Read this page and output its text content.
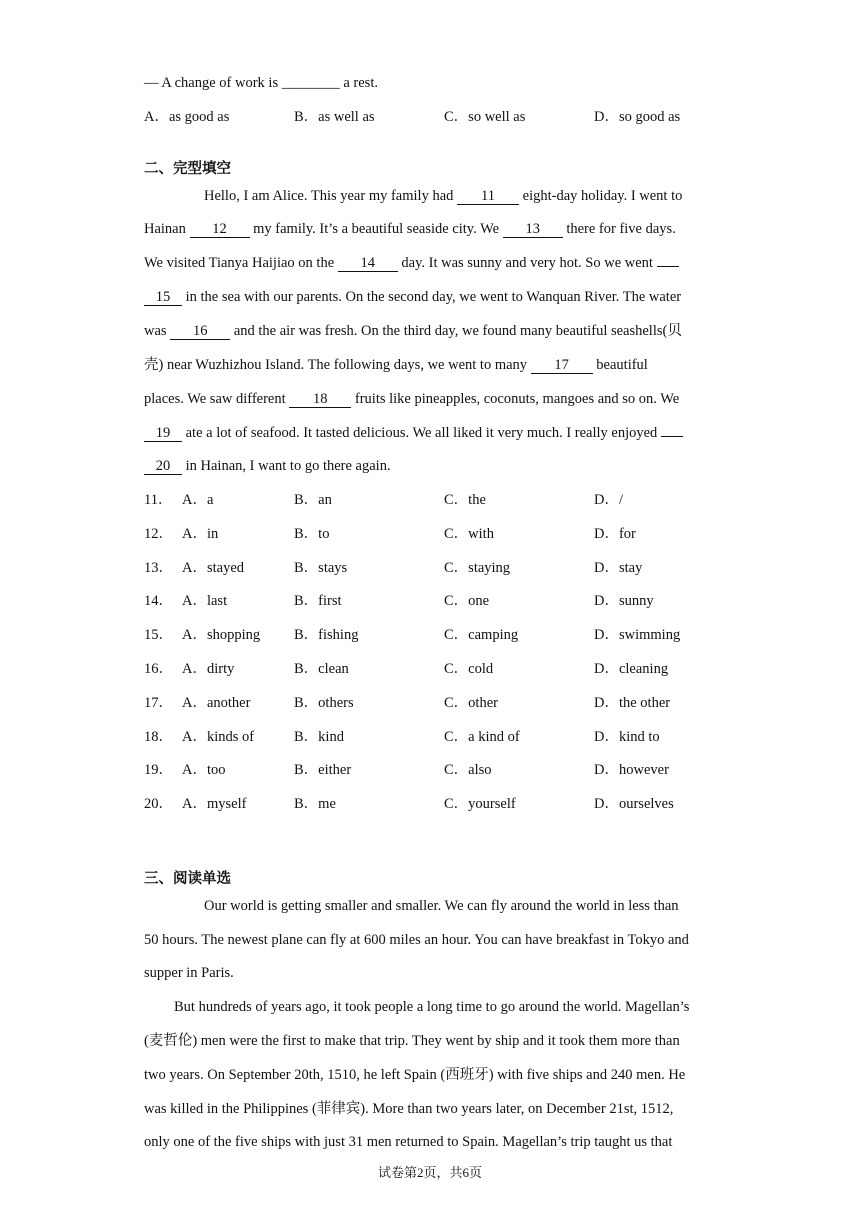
— A change of work is ________ a rest.
A．as good as	B．as well as	C．so well as	D．so good as
二、完型填空
Hello, I am Alice. This year my family had 11 eight-day holiday. I went to
Hainan 12 my family. It’s a beautiful seaside city. We 13 there for five days.
We visited Tianya Haijiao on the 14 day. It was sunny and very hot. So we went
15 in the sea with our parents. On the second day, we went to Wanquan River. The water
was 16 and the air was fresh. On the third day, we found many beautiful seashells(贝
壳) near Wuzhizhou Island. The following days, we went to many 17 beautiful
places. We saw different 18 fruits like pineapples, coconuts, mangoes and so on. We
19 ate a lot of seafood. It tasted delicious. We all liked it very much. I really enjoyed
20 in Hainan, I want to go there again.
11． A．a	B．an	C．the	D．/
12． A．in	B．to	C．with	D．for
13． A．stayed	B．stays	C．staying	D．stay
14． A．last	B．first	C．one	D．sunny
15． A．shopping B．fishing	C．camping	D．swimming
16． A．dirty	B．clean	C．cold	D．cleaning
17． A．another	B．others	C．other	D．the other
18． A．kinds of	B．kind	C．a kind of	D．kind to
19． A．too	B．either	C．also	D．however
20． A．myself	B．me	C．yourself	D．ourselves
三、阅读单选
Our world is getting smaller and smaller. We can fly around the world in less than
50 hours. The newest plane can fly at 600 miles an hour. You can have breakfast in Tokyo and
supper in Paris.
But hundreds of years ago, it took people a long time to go around the world. Magellan’s
(麦哲伦) men were the first to make that trip. They went by ship and it took them more than
two years. On September 20th, 1510, he left Spain (西班牙) with five ships and 240 men. He
was killed in the Philippines (菲律宾). More than two years later, on December 21st, 1512,
only one of the five ships with just 31 men returned to Spain. Magellan’s trip taught us that
试卷第2页，共6页
